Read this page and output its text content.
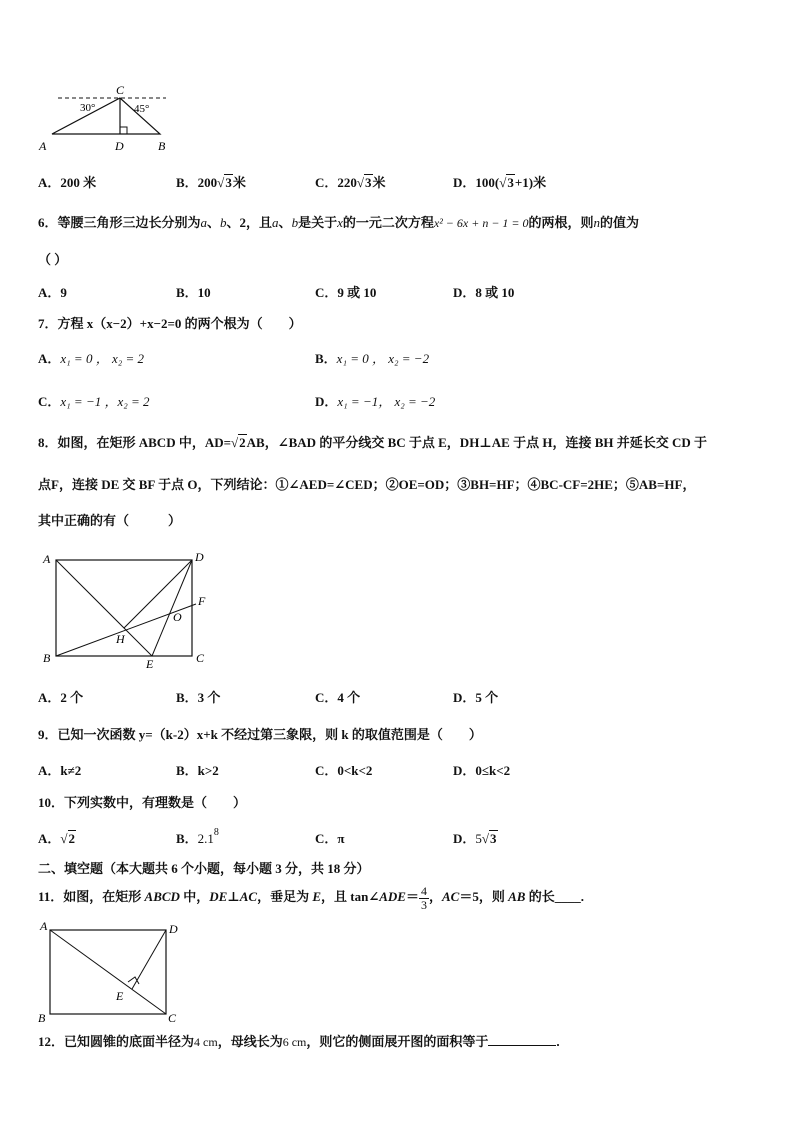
C
A	D	B
30°	45°
A．200 米	B．200√3米	C．220√3米	D．100(√3+1)米
6．等腰三角形三边长分别为a、b、2，且a、b是关于x的一元二次方程x² − 6x + n − 1 = 0的两根，则n的值为
（ ）
A．9	B．10	C．9 或 10	D．8 或 10
7．方程 x（x−2）+x−2=0 的两个根为（　　）
A．x₁ = 0 ， x₂ = 2	B．x₁ = 0 ， x₂ = −2
C．x₁ = −1 ，x₂ = 2	D．x₁ = −1， x₂ = −2
8．如图，在矩形 ABCD 中，AD=√2AB，∠BAD 的平分线交 BC 于点 E，DH⊥AE 于点 H，连接 BH 并延长交 CD 于
点F，连接 DE 交 BF 于点 O，下列结论：①∠AED=∠CED；②OE=OD；③BH=HF；④BC-CF=2HE；⑤AB=HF，
其中正确的有（　　　）
A	D
F
O
H
B	E	C
A．2 个	B．3 个	C．4 个	D．5 个
9．已知一次函数 y=（k-2）x+k 不经过第三象限，则 k 的取值范围是（　　）
A．k≠2	B．k>2	C．0<k<2	D．0≤k<2
10．下列实数中，有理数是（　　）
A．√2	B．$2.1^8$	C．π	D．5√3
二、填空题（本大题共 6 个小题，每小题 3 分，共 18 分）
11．如图，在矩形 ABCD 中，DE⊥AC，垂足为 E，且 tan∠ADE＝ $\frac{4}{3}$ ，AC＝5，则 AB 的长____.
A	D
E
B	C
12．已知圆锥的底面半径为4 cm，母线长为6 cm，则它的侧面展开图的面积等于	.
